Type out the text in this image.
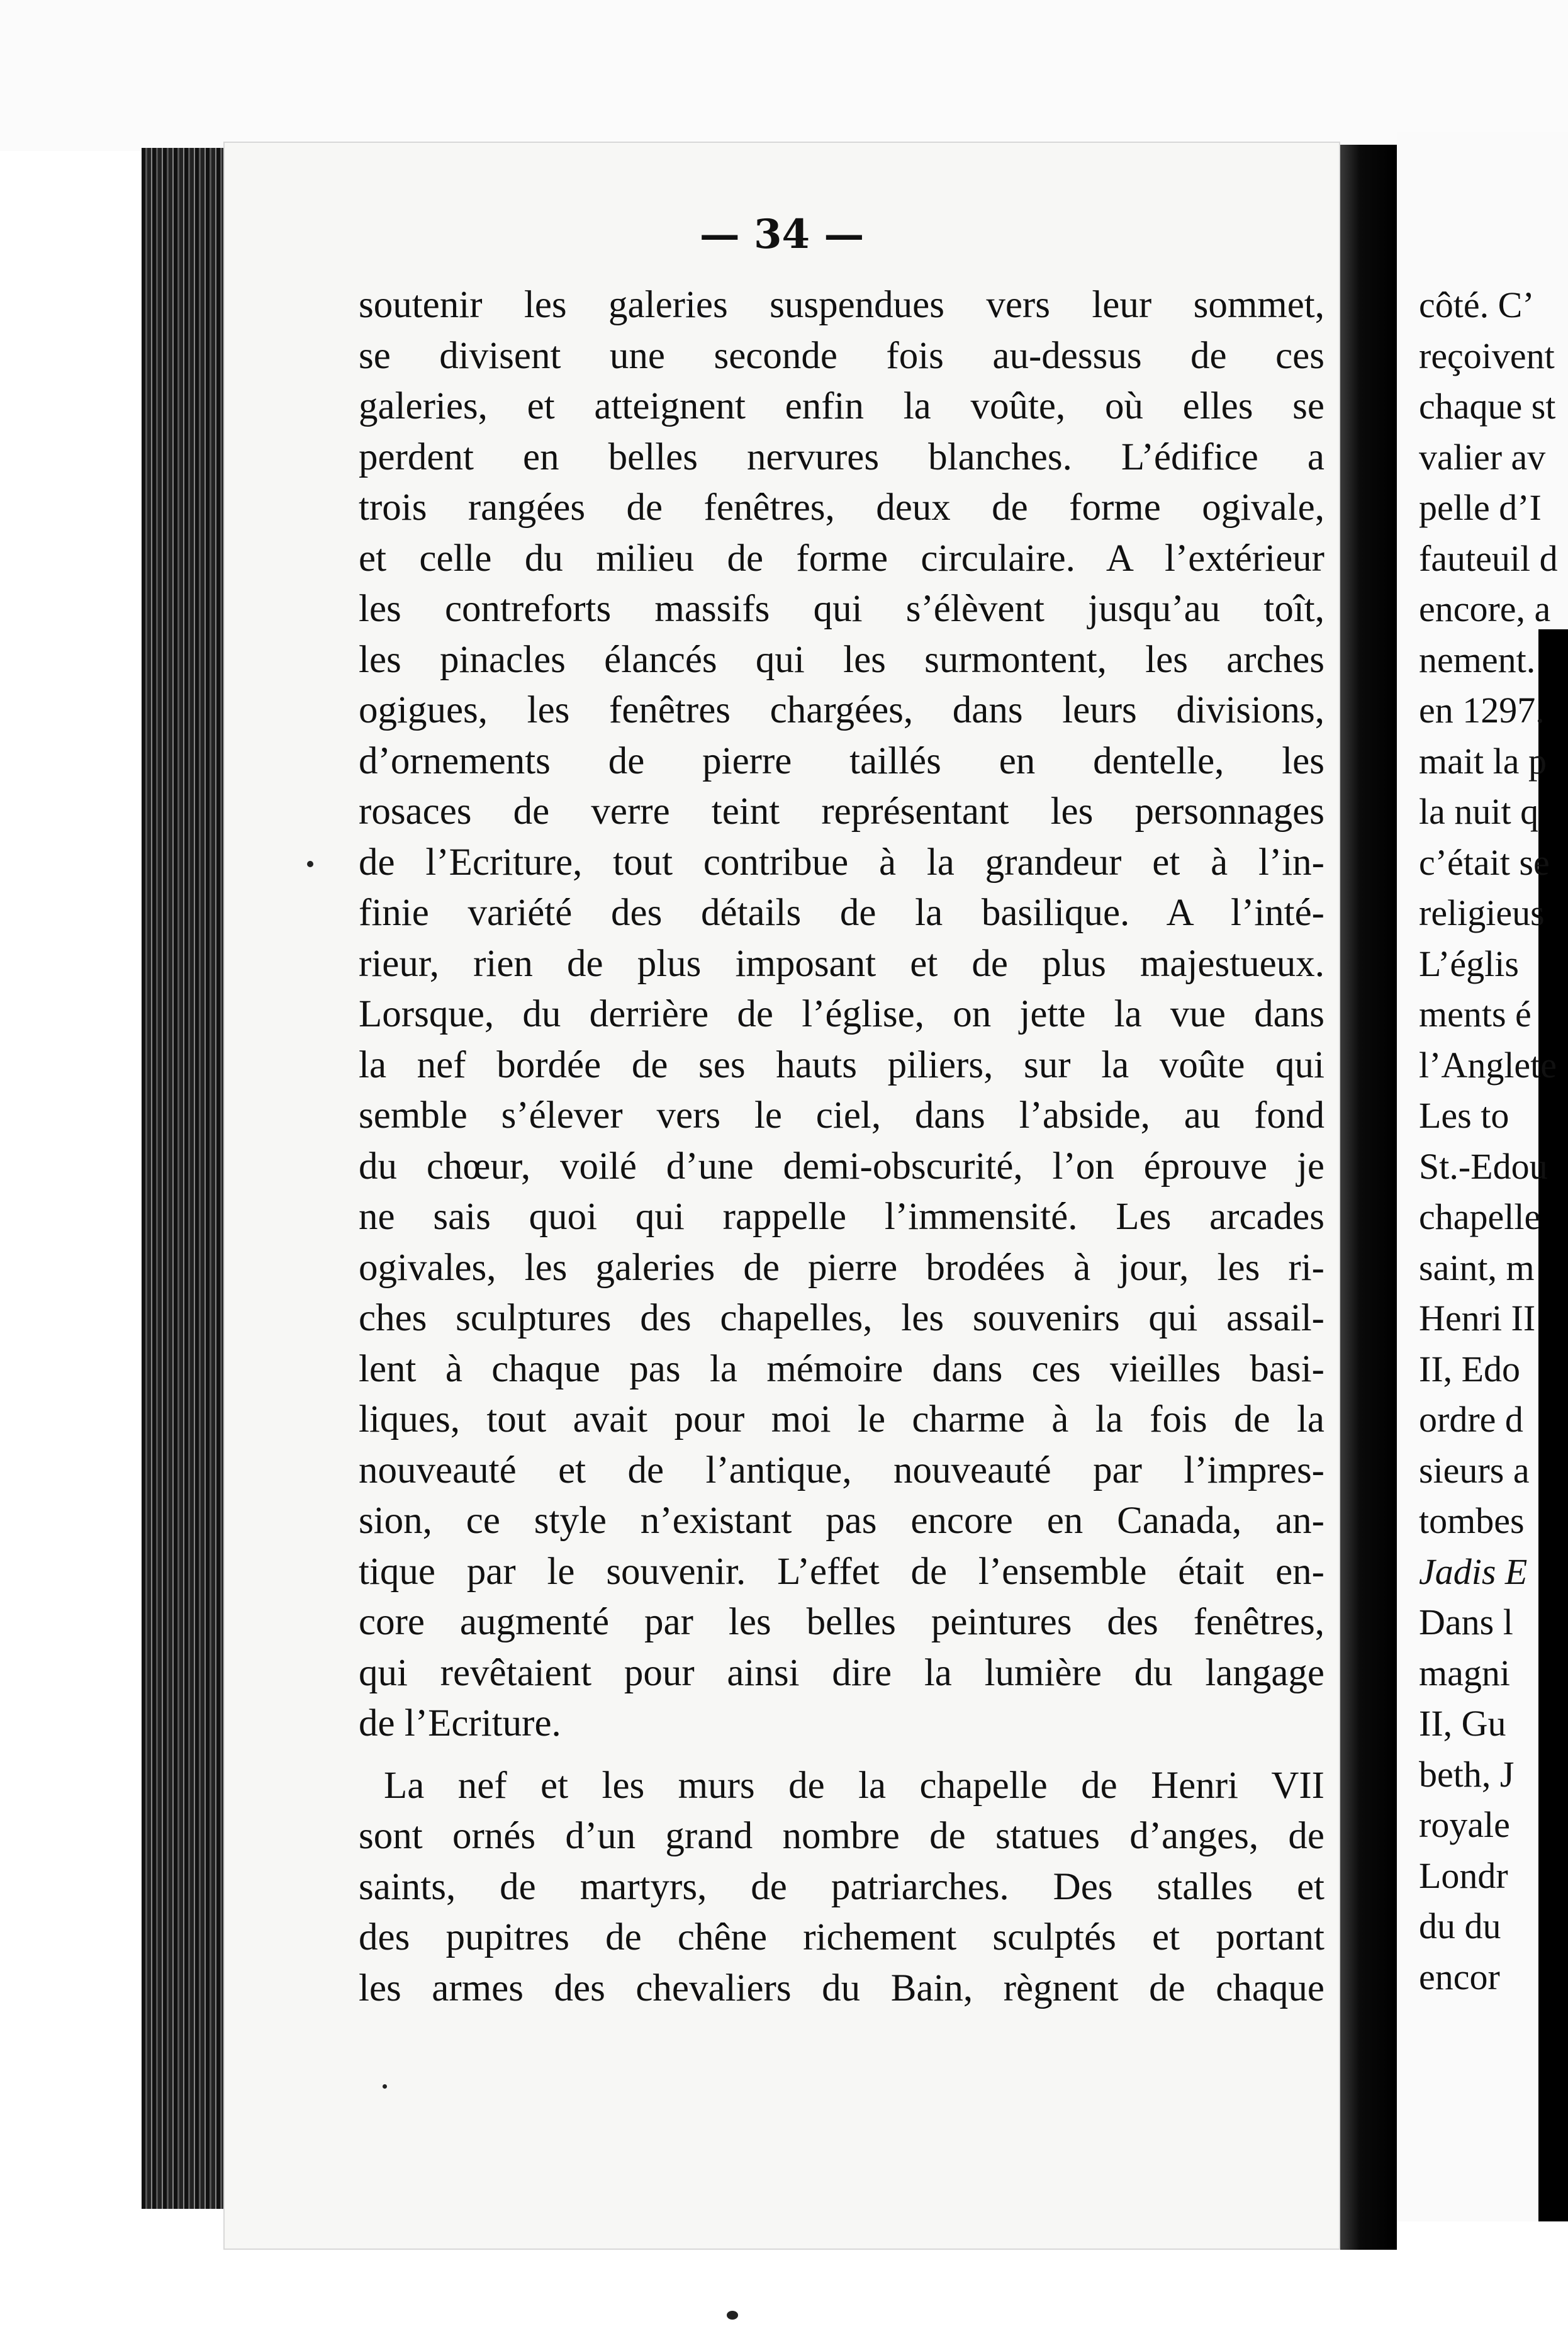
— 34 —
soutenir les galeries suspendues vers leur sommet,
se divisent une seconde fois au-dessus de ces
galeries, et atteignent enfin la voûte, où elles se
perdent en belles nervures blanches. L’édifice a
trois rangées de fenêtres, deux de forme ogivale,
et celle du milieu de forme circulaire. A l’extérieur
les contreforts massifs qui s’élèvent jusqu’au toît,
les pinacles élancés qui les surmontent, les arches
ogigues, les fenêtres chargées, dans leurs divisions,
d’ornements de pierre taillés en dentelle, les
rosaces de verre teint représentant les personnages
de l’Ecriture, tout contribue à la grandeur et à l’in-
finie variété des détails de la basilique. A l’inté-
rieur, rien de plus imposant et de plus majestueux.
Lorsque, du derrière de l’église, on jette la vue dans
la nef bordée de ses hauts piliers, sur la voûte qui
semble s’élever vers le ciel, dans l’abside, au fond
du chœur, voilé d’une demi-obscurité, l’on éprouve je
ne sais quoi qui rappelle l’immensité. Les arcades
ogivales, les galeries de pierre brodées à jour, les ri-
ches sculptures des chapelles, les souvenirs qui assail-
lent à chaque pas la mémoire dans ces vieilles basi-
liques, tout avait pour moi le charme à la fois de la
nouveauté et de l’antique, nouveauté par l’impres-
sion, ce style n’existant pas encore en Canada, an-
tique par le souvenir. L’effet de l’ensemble était en-
core augmenté par les belles peintures des fenêtres,
qui revêtaient pour ainsi dire la lumière du langage
de l’Ecriture.
La nef et les murs de la chapelle de Henri VII
sont ornés d’un grand nombre de statues d’anges, de
saints, de martyrs, de patriarches. Des stalles et
des pupitres de chêne richement sculptés et portant
les armes des chevaliers du Bain, règnent de chaque
côté. C’
reçoivent
chaque st
valier av
pelle d’I
fauteuil d
encore, a
nement.
en 1297.
mait la p
la nuit q
c’était se
religieus
L’églis
ments é
l’Anglete
Les to
St.-Edou
chapelle
saint, m
Henri II
II, Edo
ordre d
sieurs a
tombes
Jadis E
Dans l
magni
II, Gu
beth, J
royale
Londr
du du
encor
